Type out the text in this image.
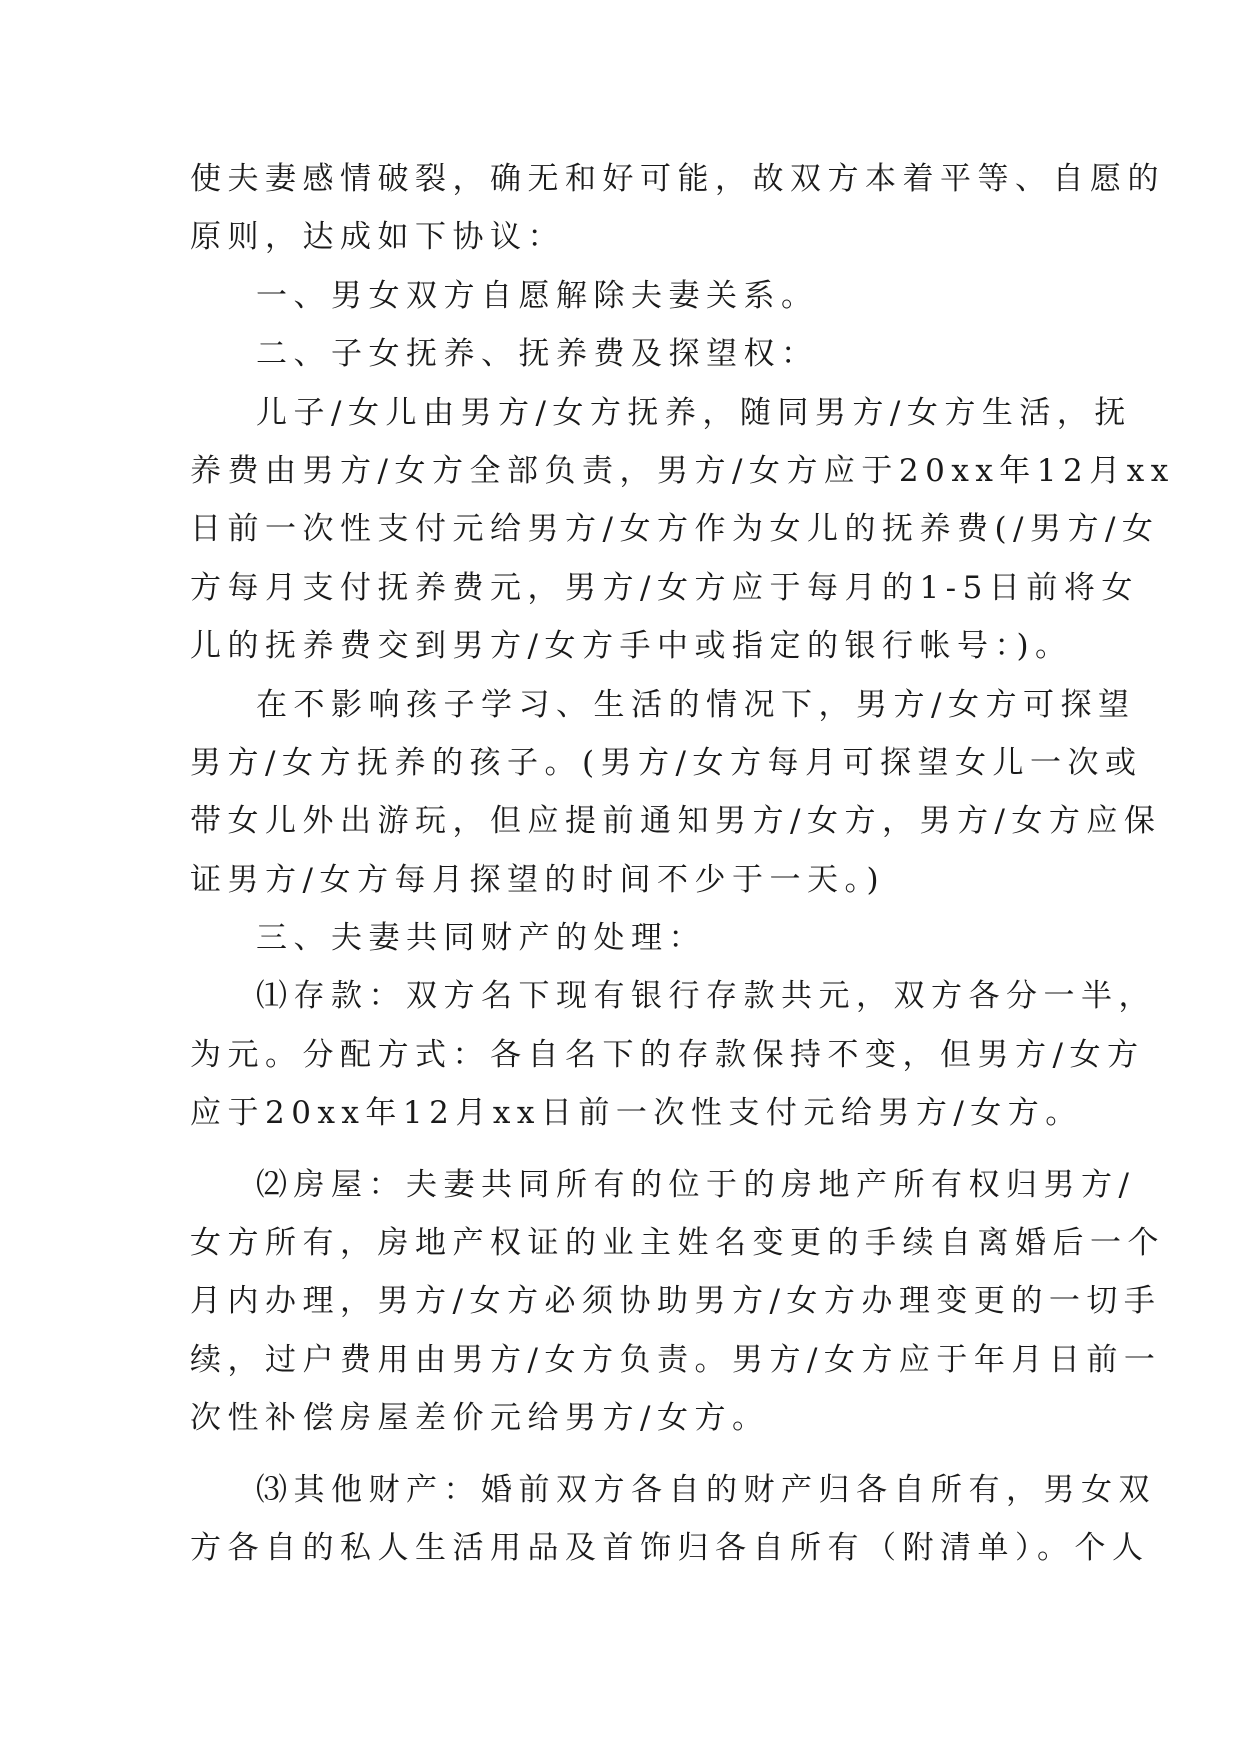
使夫妻感情破裂，确无和好可能，故双方本着平等、自愿的
原则，达成如下协议：
一、男女双方自愿解除夫妻关系。
二、子女抚养、抚养费及探望权：
儿子/女儿由男方/女方抚养，随同男方/女方生活，抚
养费由男方/女方全部负责，男方/女方应于20xx年12月xx
日前一次性支付元给男方/女方作为女儿的抚养费(/男方/女
方每月支付抚养费元，男方/女方应于每月的1-5日前将女
儿的抚养费交到男方/女方手中或指定的银行帐号：)。
在不影响孩子学习、生活的情况下，男方/女方可探望
男方/女方抚养的孩子。(男方/女方每月可探望女儿一次或
带女儿外出游玩，但应提前通知男方/女方，男方/女方应保
证男方/女方每月探望的时间不少于一天。)
三、夫妻共同财产的处理：
⑴存款：双方名下现有银行存款共元，双方各分一半，
为元。分配方式：各自名下的存款保持不变，但男方/女方
应于20xx年12月xx日前一次性支付元给男方/女方。
⑵房屋：夫妻共同所有的位于的房地产所有权归男方/
女方所有，房地产权证的业主姓名变更的手续自离婚后一个
月内办理，男方/女方必须协助男方/女方办理变更的一切手
续，过户费用由男方/女方负责。男方/女方应于年月日前一
次性补偿房屋差价元给男方/女方。
⑶其他财产：婚前双方各自的财产归各自所有，男女双
方各自的私人生活用品及首饰归各自所有（附清单）。个人
